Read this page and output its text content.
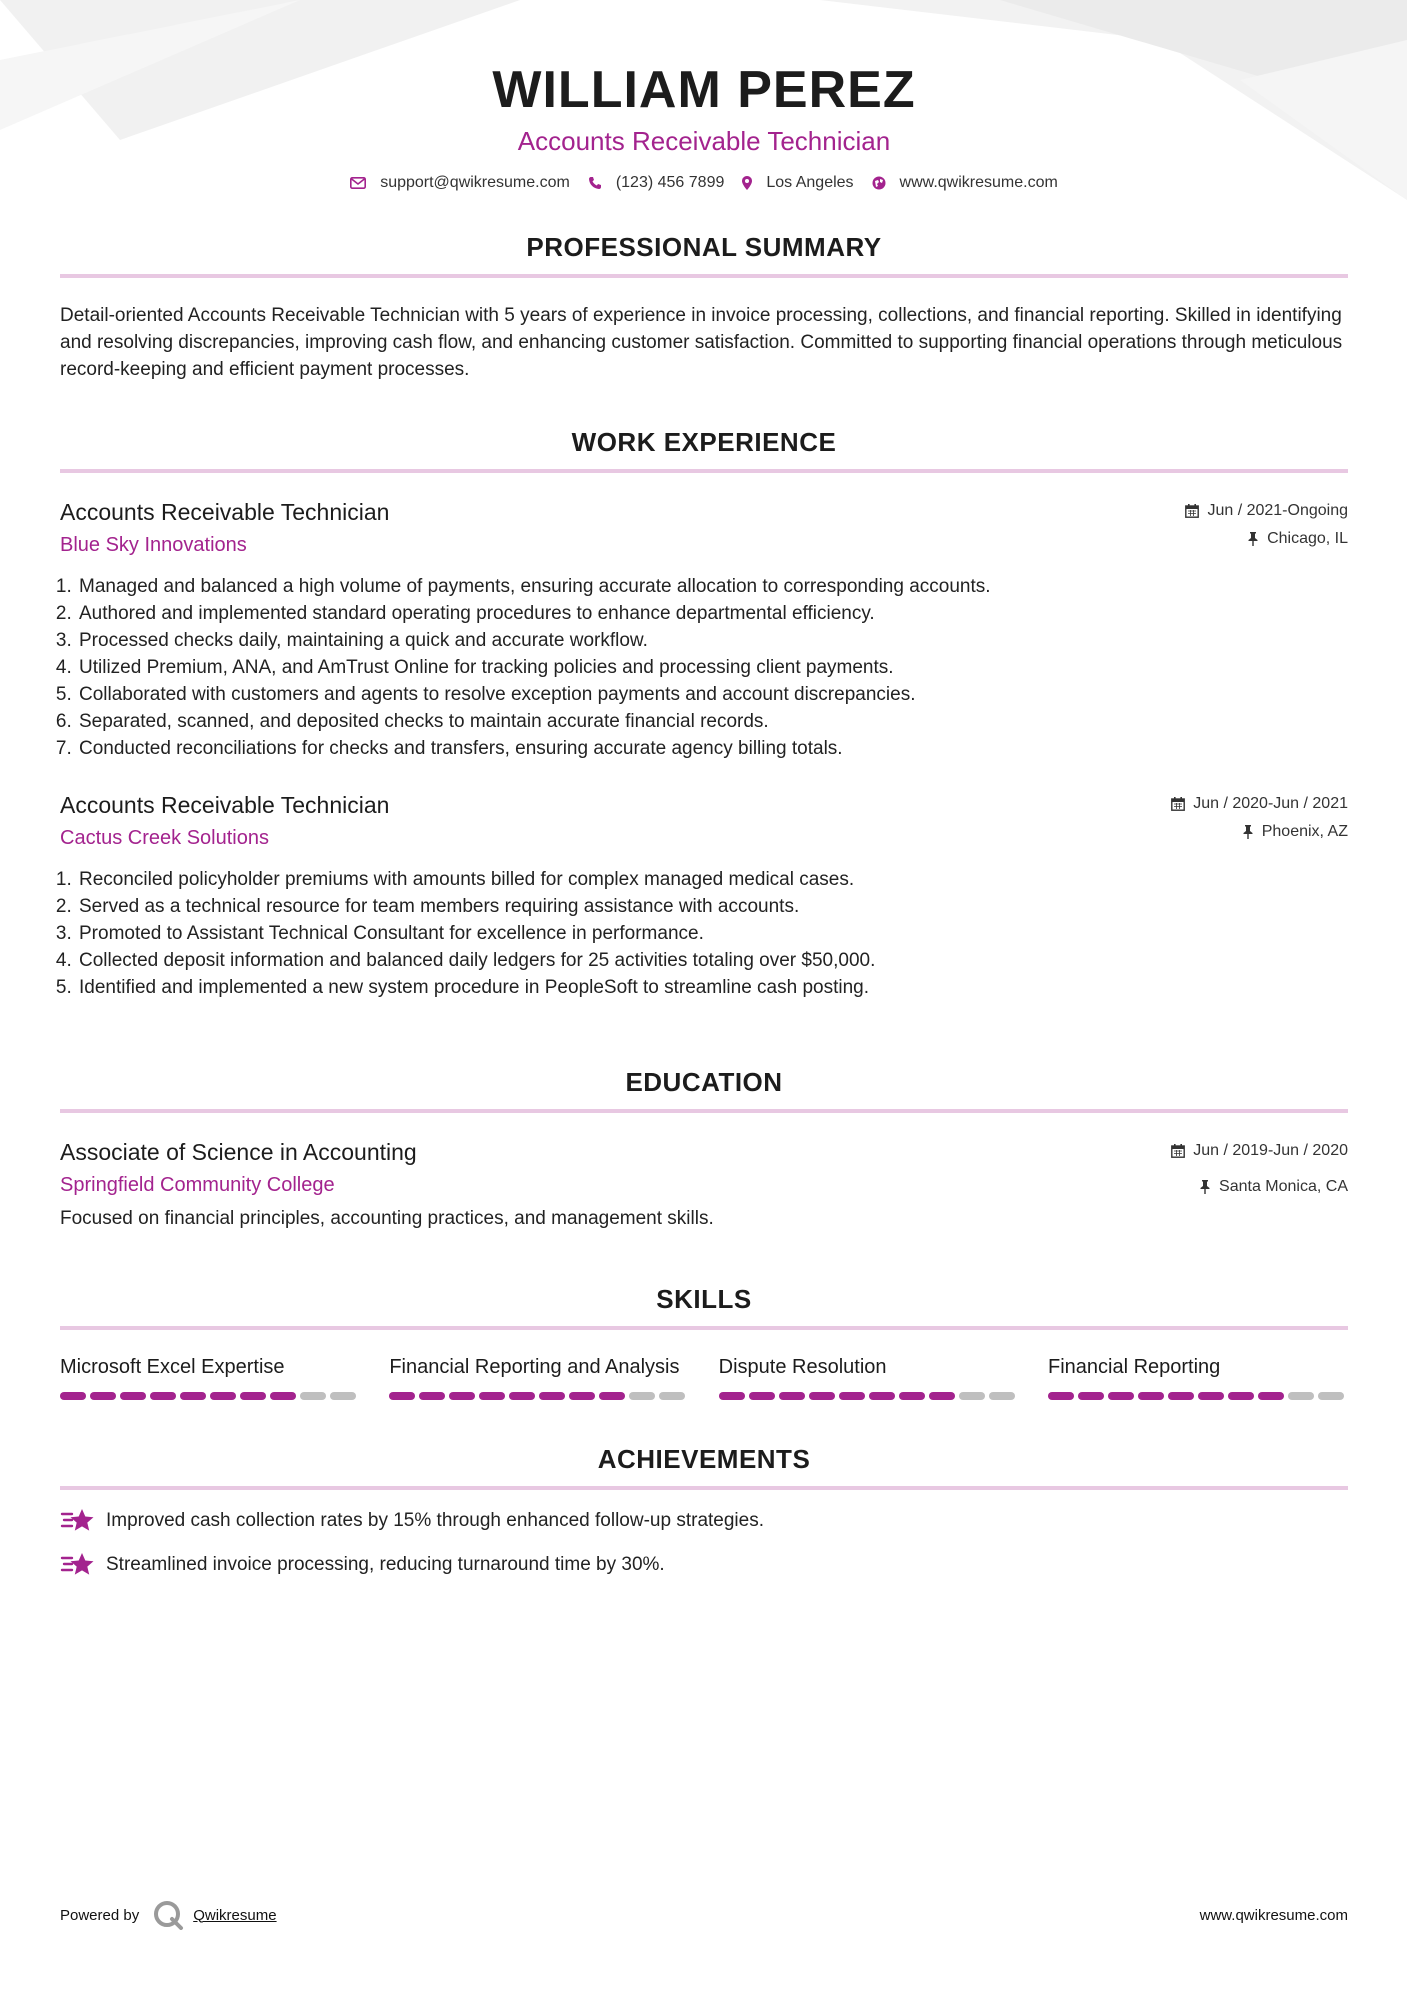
WILLIAM PEREZ
Accounts Receivable Technician
support@qwikresume.com	(123) 456 7899	Los Angeles	www.qwikresume.com
PROFESSIONAL SUMMARY
Detail-oriented Accounts Receivable Technician with 5 years of experience in invoice processing, collections, and financial reporting. Skilled in identifying and resolving discrepancies, improving cash flow, and enhancing customer satisfaction. Committed to supporting financial operations through meticulous record-keeping and efficient payment processes.
WORK EXPERIENCE
Accounts Receivable Technician
Blue Sky Innovations
Jun / 2021-Ongoing
Chicago, IL
1. Managed and balanced a high volume of payments, ensuring accurate allocation to corresponding accounts.
2. Authored and implemented standard operating procedures to enhance departmental efficiency.
3. Processed checks daily, maintaining a quick and accurate workflow.
4. Utilized Premium, ANA, and AmTrust Online for tracking policies and processing client payments.
5. Collaborated with customers and agents to resolve exception payments and account discrepancies.
6. Separated, scanned, and deposited checks to maintain accurate financial records.
7. Conducted reconciliations for checks and transfers, ensuring accurate agency billing totals.
Accounts Receivable Technician
Cactus Creek Solutions
Jun / 2020-Jun / 2021
Phoenix, AZ
1. Reconciled policyholder premiums with amounts billed for complex managed medical cases.
2. Served as a technical resource for team members requiring assistance with accounts.
3. Promoted to Assistant Technical Consultant for excellence in performance.
4. Collected deposit information and balanced daily ledgers for 25 activities totaling over $50,000.
5. Identified and implemented a new system procedure in PeopleSoft to streamline cash posting.
EDUCATION
Associate of Science in Accounting
Springfield Community College
Jun / 2019-Jun / 2020
Santa Monica, CA
Focused on financial principles, accounting practices, and management skills.
SKILLS
Microsoft Excel Expertise	Financial Reporting and Analysis	Dispute Resolution	Financial Reporting
ACHIEVEMENTS
Improved cash collection rates by 15% through enhanced follow-up strategies.
Streamlined invoice processing, reducing turnaround time by 30%.
Powered by	Qwikresume	www.qwikresume.com
